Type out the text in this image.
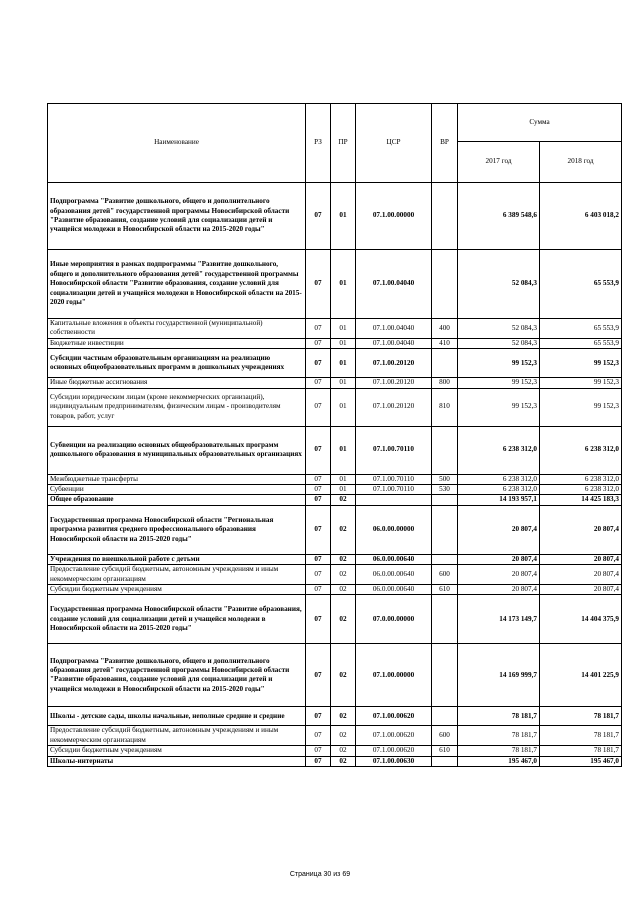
Наименование	РЗ	ПР	ЦСР	ВР	Сумма	
					2017 год	2018 год
Подпрограмма "Развитие дошкольного, общего и дополнительного образования детей" государственной программы Новосибирской области "Развитие образования, создание условий для социализации детей и учащейся молодежи в Новосибирской области на 2015-2020 годы"	07	01	07.1.00.00000		6 389 548,6	6 403 018,2
Иные мероприятия в рамках подпрограммы "Развитие дошкольного, общего и дополнительного образования детей" государственной программы Новосибирской области "Развитие образования, создание условий для социализации детей и учащейся молодежи в Новосибирской области на 2015-2020 годы"	07	01	07.1.00.04040		52 084,3	65 553,9
Капитальные вложения в объекты государственной (муниципальной) собственности	07	01	07.1.00.04040	400	52 084,3	65 553,9
Бюджетные инвестиции	07	01	07.1.00.04040	410	52 084,3	65 553,9
Субсидии частным образовательным организациям на реализацию основных общеобразовательных программ в дошкольных учреждениях	07	01	07.1.00.20120		99 152,3	99 152,3
Иные бюджетные ассигнования	07	01	07.1.00.20120	800	99 152,3	99 152,3
Субсидии юридическим лицам (кроме некоммерческих организаций), индивидуальным предпринимателям, физическим лицам - производителям товаров, работ, услуг	07	01	07.1.00.20120	810	99 152,3	99 152,3
Субвенции на реализацию основных общеобразовательных программ дошкольного образования в муниципальных образовательных организациях	07	01	07.1.00.70110		6 238 312,0	6 238 312,0
Межбюджетные трансферты	07	01	07.1.00.70110	500	6 238 312,0	6 238 312,0
Субвенции	07	01	07.1.00.70110	530	6 238 312,0	6 238 312,0
Общее образование	07	02			14 193 957,1	14 425 183,3
Государственная программа Новосибирской области "Региональная программа развития среднего профессионального образования Новосибирской области на 2015-2020 годы"	07	02	06.0.00.00000		20 807,4	20 807,4
Учреждения по внешкольной работе с детьми	07	02	06.0.00.00640		20 807,4	20 807,4
Предоставление субсидий бюджетным, автономным учреждениям и иным некоммерческим организациям	07	02	06.0.00.00640	600	20 807,4	20 807,4
Субсидии бюджетным учреждениям	07	02	06.0.00.00640	610	20 807,4	20 807,4
Государственная программа Новосибирской области "Развитие образования, создание условий для социализации детей и учащейся молодежи в Новосибирской области на 2015-2020 годы"	07	02	07.0.00.00000		14 173 149,7	14 404 375,9
Подпрограмма "Развитие дошкольного, общего и дополнительного образования детей" государственной программы Новосибирской области "Развитие образования, создание условий для социализации детей и учащейся молодежи в Новосибирской области на 2015-2020 годы"	07	02	07.1.00.00000		14 169 999,7	14 401 225,9
Школы - детские сады, школы начальные, неполные средние и средние	07	02	07.1.00.00620		78 181,7	78 181,7
Предоставление субсидий бюджетным, автономным учреждениям и иным некоммерческим организациям	07	02	07.1.00.00620	600	78 181,7	78 181,7
Субсидии бюджетным учреждениям	07	02	07.1.00.00620	610	78 181,7	78 181,7
Школы-интернаты	07	02	07.1.00.00630		195 467,0	195 467,0
Страница 30 из 69
